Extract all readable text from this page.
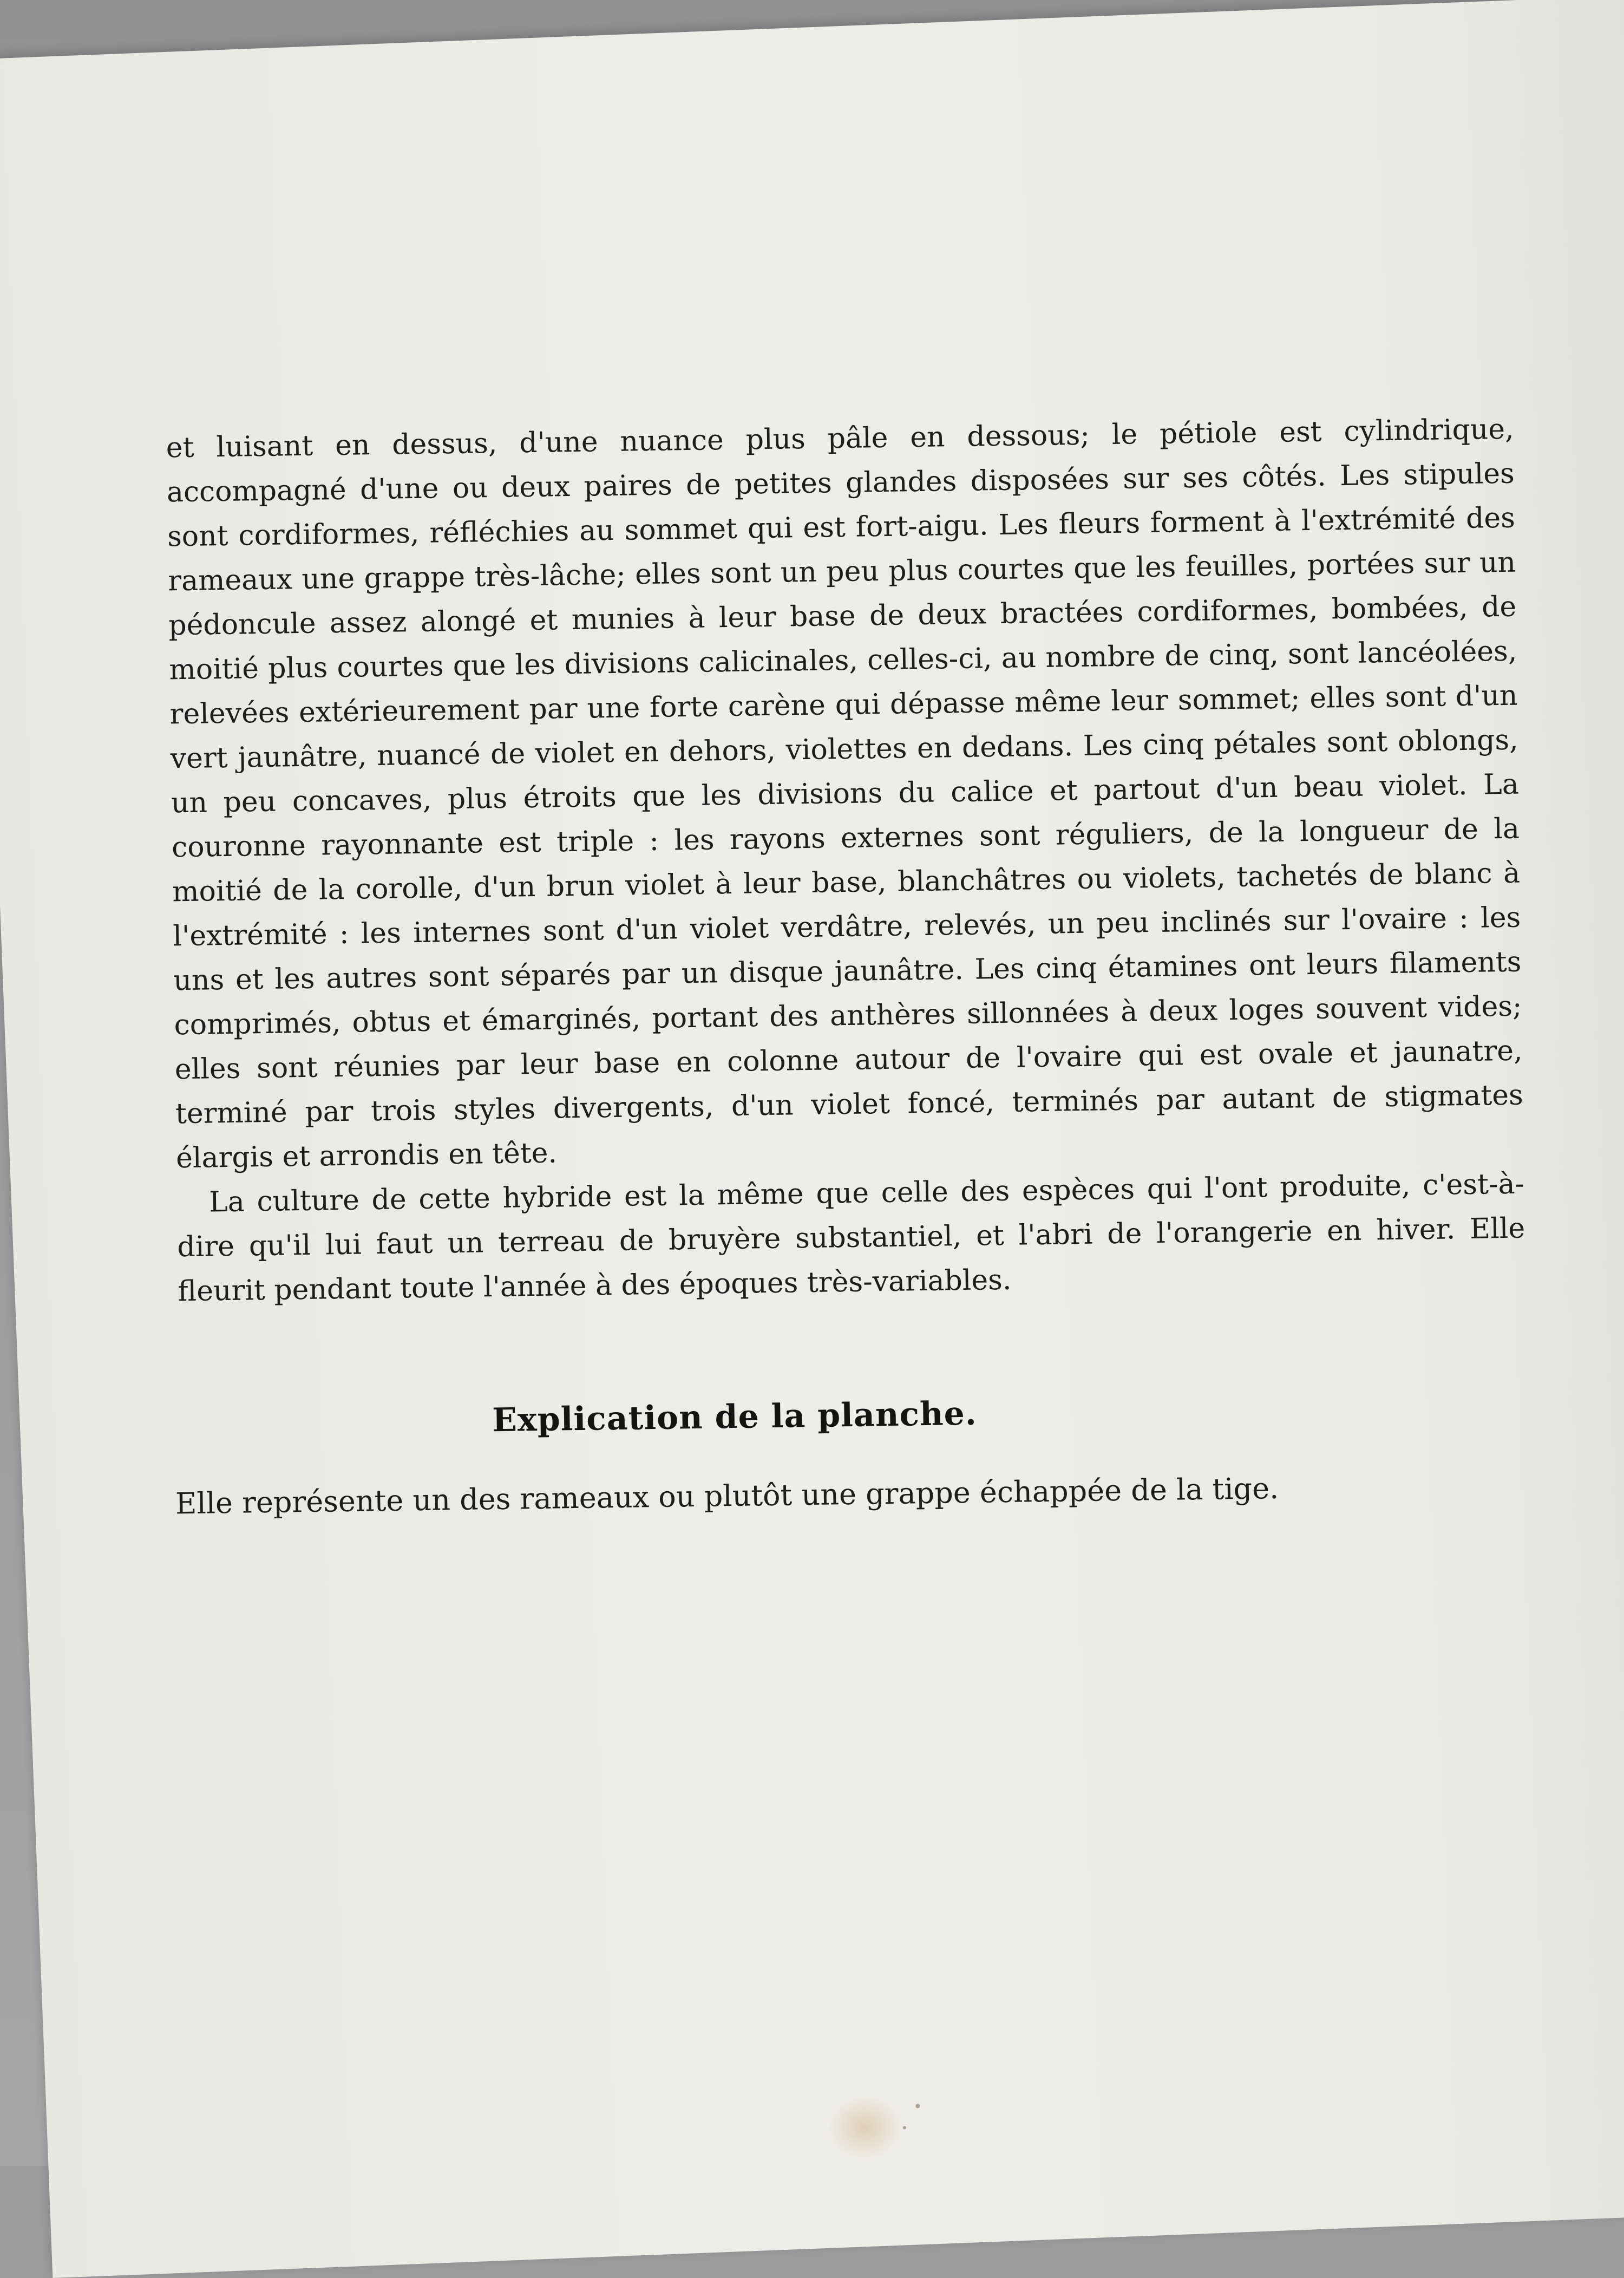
et luisant en dessus, d'une nuance plus pâle en dessous; le pétiole est cylindrique, accompagné d'une ou deux paires de petites glandes disposées sur ses côtés. Les stipules sont cordiformes, réfléchies au sommet qui est fort-aigu. Les fleurs forment à l'extrémité des rameaux une grappe très-lâche; elles sont un peu plus courtes que les feuilles, portées sur un pédoncule assez alongé et munies à leur base de deux bractées cordiformes, bombées, de moitié plus courtes que les divisions calicinales, celles-ci, au nombre de cinq, sont lancéolées, relevées extérieurement par une forte carène qui dépasse même leur sommet; elles sont d'un vert jaunâtre, nuancé de violet en dehors, violettes en dedans. Les cinq pétales sont oblongs, un peu concaves, plus étroits que les divisions du calice et partout d'un beau violet. La couronne rayonnante est triple : les rayons externes sont réguliers, de la longueur de la moitié de la corolle, d'un brun violet à leur base, blanchâtres ou violets, tachetés de blanc à l'extrémité : les internes sont d'un violet verdâtre, relevés, un peu inclinés sur l'ovaire : les uns et les autres sont séparés par un disque jaunâtre. Les cinq étamines ont leurs filaments comprimés, obtus et émarginés, portant des anthères sillonnées à deux loges souvent vides; elles sont réunies par leur base en colonne autour de l'ovaire qui est ovale et jaunatre, terminé par trois styles divergents, d'un violet foncé, terminés par autant de stigmates élargis et arrondis en tête.

La culture de cette hybride est la même que celle des espèces qui l'ont produite, c'est-à-dire qu'il lui faut un terreau de bruyère substantiel, et l'abri de l'orangerie en hiver. Elle fleurit pendant toute l'année à des époques très-variables.

Explication de la planche.

Elle représente un des rameaux ou plutôt une grappe échappée de la tige.
